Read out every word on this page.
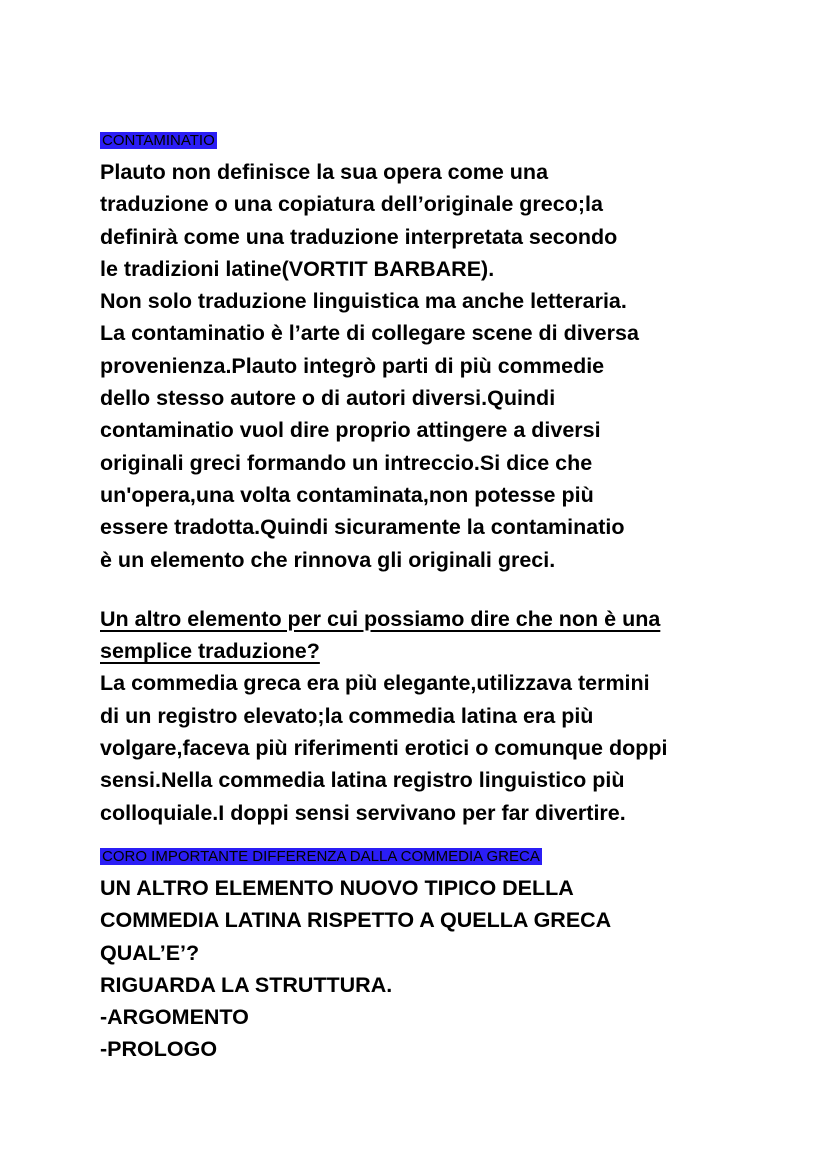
CONTAMINATIO
Plauto non definisce la sua opera come una
traduzione o una copiatura dell’originale greco;la
definirà come una traduzione interpretata secondo
le tradizioni latine(VORTIT BARBARE).
Non solo traduzione linguistica ma anche letteraria.
La contaminatio è l’arte di collegare scene di diversa
provenienza.Plauto integrò parti di più commedie
dello stesso autore o di autori diversi.Quindi
contaminatio vuol dire proprio attingere a diversi
originali greci formando un intreccio.Si dice che
un'opera,una volta contaminata,non potesse più
essere tradotta.Quindi sicuramente la contaminatio
è un elemento che rinnova gli originali greci.
Un altro elemento per cui possiamo dire che non è una
semplice traduzione?
La commedia greca era più elegante,utilizzava termini
di un registro elevato;la commedia latina era più
volgare,faceva più riferimenti erotici o comunque doppi
sensi.Nella commedia latina registro linguistico più
colloquiale.I doppi sensi servivano per far divertire.
CORO IMPORTANTE DIFFERENZA DALLA COMMEDIA GRECA
UN ALTRO ELEMENTO NUOVO TIPICO DELLA
COMMEDIA LATINA RISPETTO A QUELLA GRECA
QUAL’E’?
RIGUARDA LA STRUTTURA.
-ARGOMENTO
-PROLOGO
